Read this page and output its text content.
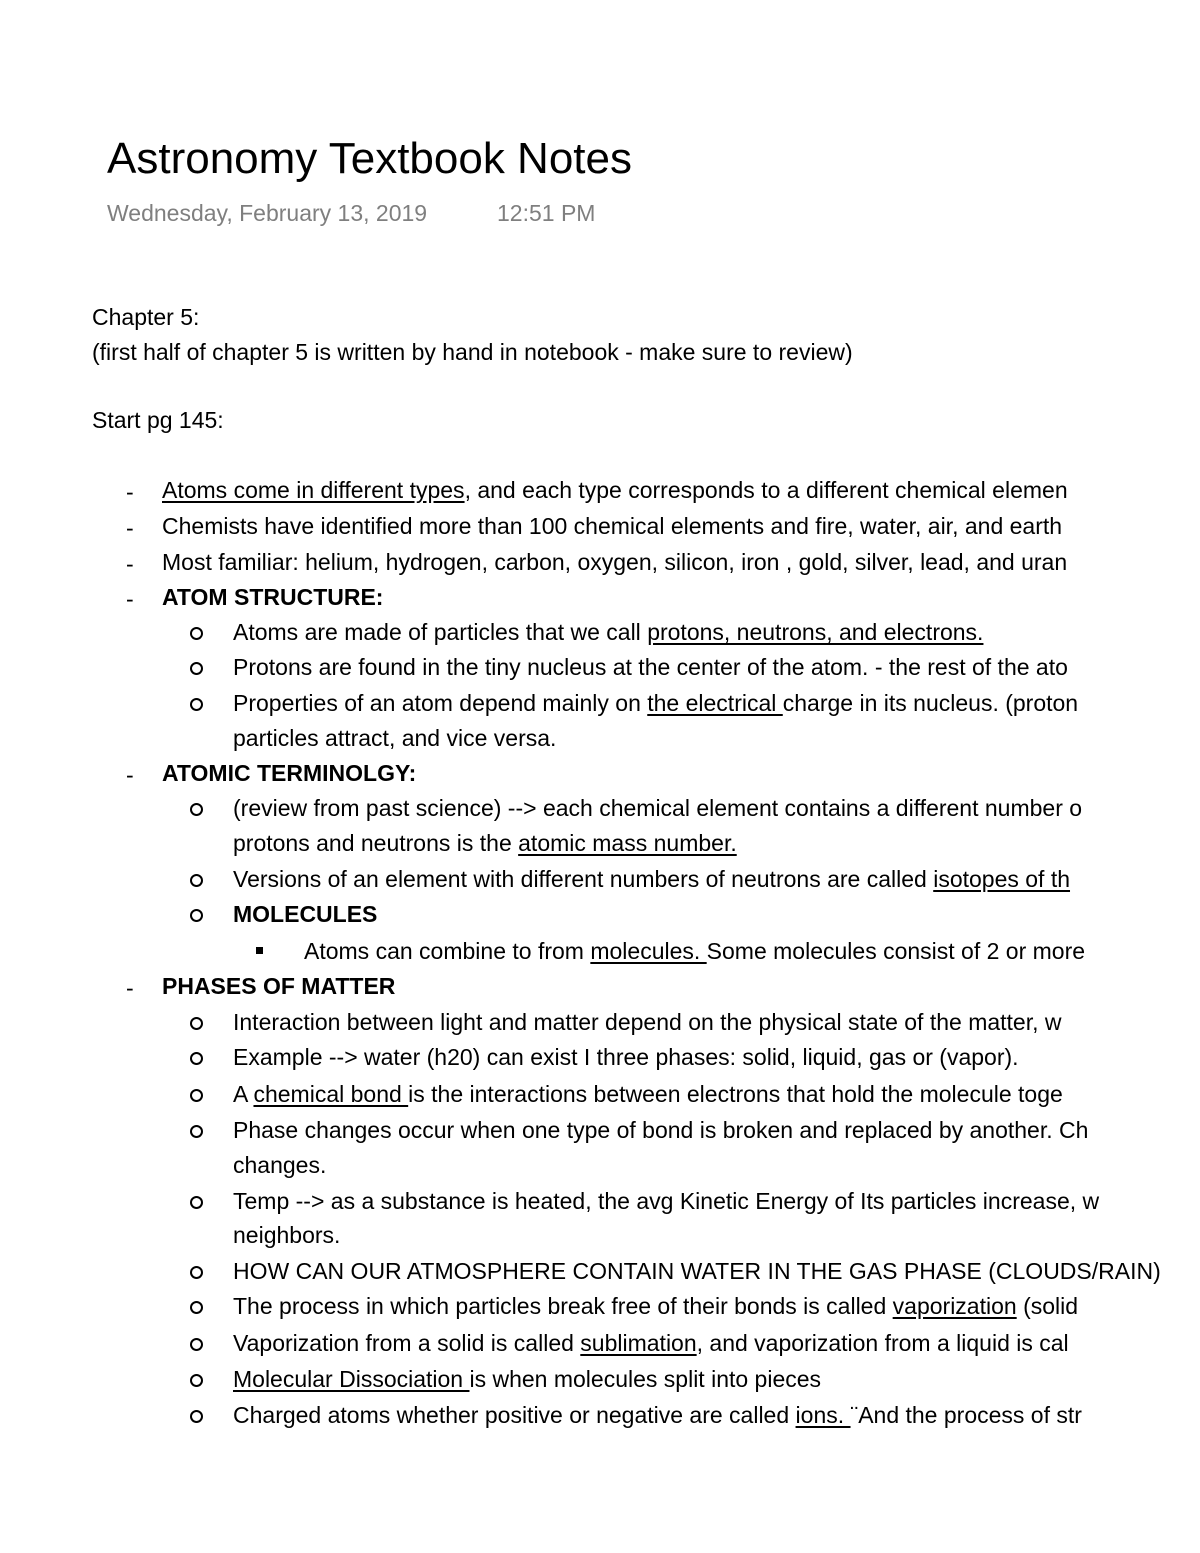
Astronomy Textbook Notes
Wednesday, February 13, 2019	12:51 PM
Chapter 5:
(first half of chapter 5 is written by hand in notebook - make sure to review)
Start pg 145:
- Atoms come in different types, and each type corresponds to a different chemical elemen
- Chemists have identified more than 100 chemical elements and fire, water, air, and earth
- Most familiar: helium, hydrogen, carbon, oxygen, silicon, iron , gold, silver, lead, and uran
- ATOM STRUCTURE:
Atoms are made of particles that we call protons, neutrons, and electrons.
Protons are found in the tiny nucleus at the center of the atom. - the rest of the ato
Properties of an atom depend mainly on the electrical charge in its nucleus. (proton
particles attract, and vice versa.
- ATOMIC TERMINOLGY:
(review from past science) --> each chemical element contains a different number o
protons and neutrons is the atomic mass number.
Versions of an element with different numbers of neutrons are called isotopes of th
MOLECULES
Atoms can combine to from molecules. Some molecules consist of 2 or more
- PHASES OF MATTER
Interaction between light and matter depend on the physical state of the matter, w
Example --> water (h20) can exist I three phases: solid, liquid, gas or (vapor).
A chemical bond is the interactions between electrons that hold the molecule toge
Phase changes occur when one type of bond is broken and replaced by another. Ch
changes.
Temp --> as a substance is heated, the avg Kinetic Energy of Its particles increase, w
neighbors.
HOW CAN OUR ATMOSPHERE CONTAIN WATER IN THE GAS PHASE (CLOUDS/RAIN)
The process in which particles break free of their bonds is called vaporization (solid
Vaporization from a solid is called sublimation, and vaporization from a liquid is cal
Molecular Dissociation is when molecules split into pieces
Charged atoms whether positive or negative are called ions. ¨And the process of str
